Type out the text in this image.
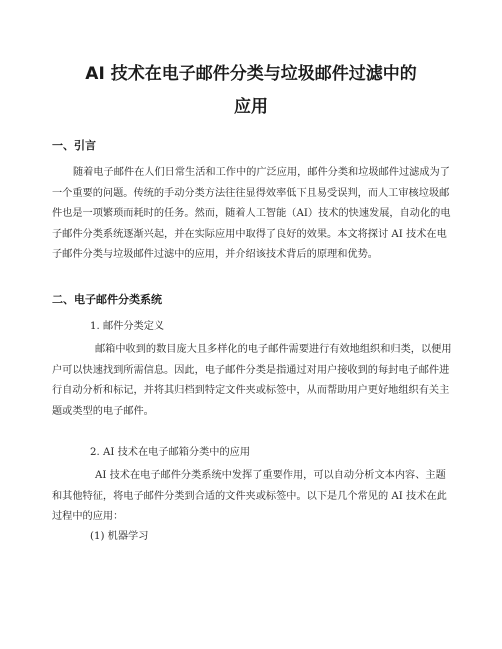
AI 技术在电子邮件分类与垃圾邮件过滤中的
应用
一、引言

随着电子邮件在人们日常生活和工作中的广泛应用，邮件分类和垃圾邮件过滤成为了一个重要的问题。传统的手动分类方法往往显得效率低下且易受误判，而人工审核垃圾邮件也是一项繁琐而耗时的任务。然而，随着人工智能（AI）技术的快速发展，自动化的电子邮件分类系统逐渐兴起，并在实际应用中取得了良好的效果。本文将探讨 AI 技术在电子邮件分类与垃圾邮件过滤中的应用，并介绍该技术背后的原理和优势。

二、电子邮件分类系统

1. 邮件分类定义

邮箱中收到的数目庞大且多样化的电子邮件需要进行有效地组织和归类，以便用户可以快速找到所需信息。因此，电子邮件分类是指通过对用户接收到的每封电子邮件进行自动分析和标记，并将其归档到特定文件夹或标签中，从而帮助用户更好地组织有关主题或类型的电子邮件。

2. AI 技术在电子邮箱分类中的应用

AI 技术在电子邮件分类系统中发挥了重要作用，可以自动分析文本内容、主题和其他特征，将电子邮件分类到合适的文件夹或标签中。以下是几个常见的 AI 技术在此过程中的应用：

(1) 机器学习
